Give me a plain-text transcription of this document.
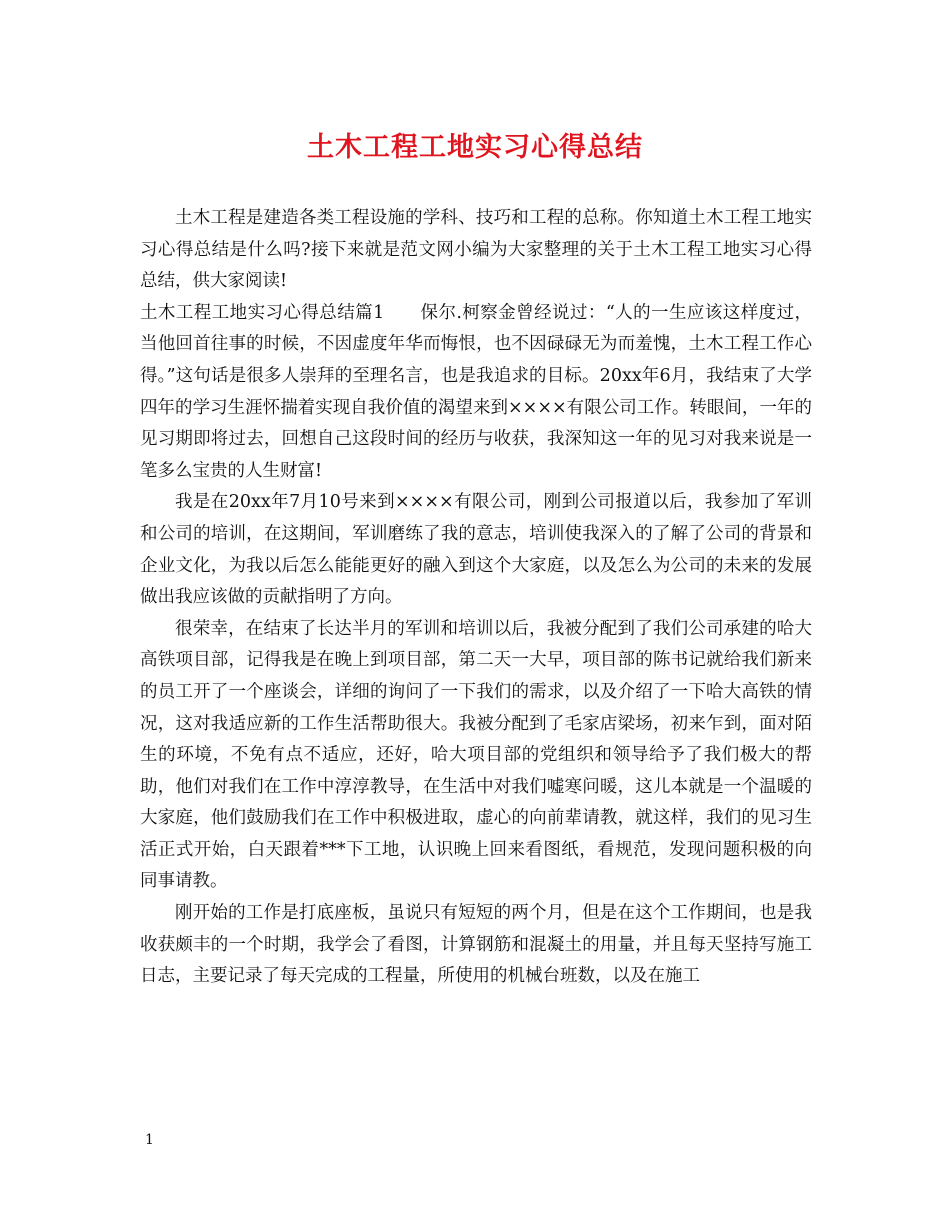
土木工程工地实习心得总结

土木工程是建造各类工程设施的学科、技巧和工程的总称。你知道土木工程工地实习心得总结是什么吗?接下来就是范文网小编为大家整理的关于土木工程工地实习心得总结，供大家阅读!

土木工程工地实习心得总结篇1　　保尔.柯察金曾经说过：“人的一生应该这样度过，当他回首往事的时候，不因虚度年华而悔恨，也不因碌碌无为而羞愧，土木工程工作心得。”这句话是很多人崇拜的至理名言，也是我追求的目标。20xx年6月，我结束了大学四年的学习生涯怀揣着实现自我价值的渴望来到××××有限公司工作。转眼间，一年的见习期即将过去，回想自己这段时间的经历与收获，我深知这一年的见习对我来说是一笔多么宝贵的人生财富!

我是在20xx年7月10号来到××××有限公司，刚到公司报道以后，我参加了军训和公司的培训，在这期间，军训磨练了我的意志，培训使我深入的了解了公司的背景和企业文化，为我以后怎么能能更好的融入到这个大家庭，以及怎么为公司的未来的发展做出我应该做的贡献指明了方向。

很荣幸，在结束了长达半月的军训和培训以后，我被分配到了我们公司承建的哈大高铁项目部，记得我是在晚上到项目部，第二天一大早，项目部的陈书记就给我们新来的员工开了一个座谈会，详细的询问了一下我们的需求，以及介绍了一下哈大高铁的情况，这对我适应新的工作生活帮助很大。我被分配到了毛家店梁场，初来乍到，面对陌生的环境，不免有点不适应，还好，哈大项目部的党组织和领导给予了我们极大的帮助，他们对我们在工作中淳淳教导，在生活中对我们嘘寒问暖，这儿本就是一个温暖的大家庭，他们鼓励我们在工作中积极进取，虚心的向前辈请教，就这样，我们的见习生活正式开始，白天跟着***下工地，认识晚上回来看图纸，看规范，发现问题积极的向同事请教。

刚开始的工作是打底座板，虽说只有短短的两个月，但是在这个工作期间，也是我收获颇丰的一个时期，我学会了看图，计算钢筋和混凝土的用量，并且每天坚持写施工日志，主要记录了每天完成的工程量，所使用的机械台班数，以及在施工

1
